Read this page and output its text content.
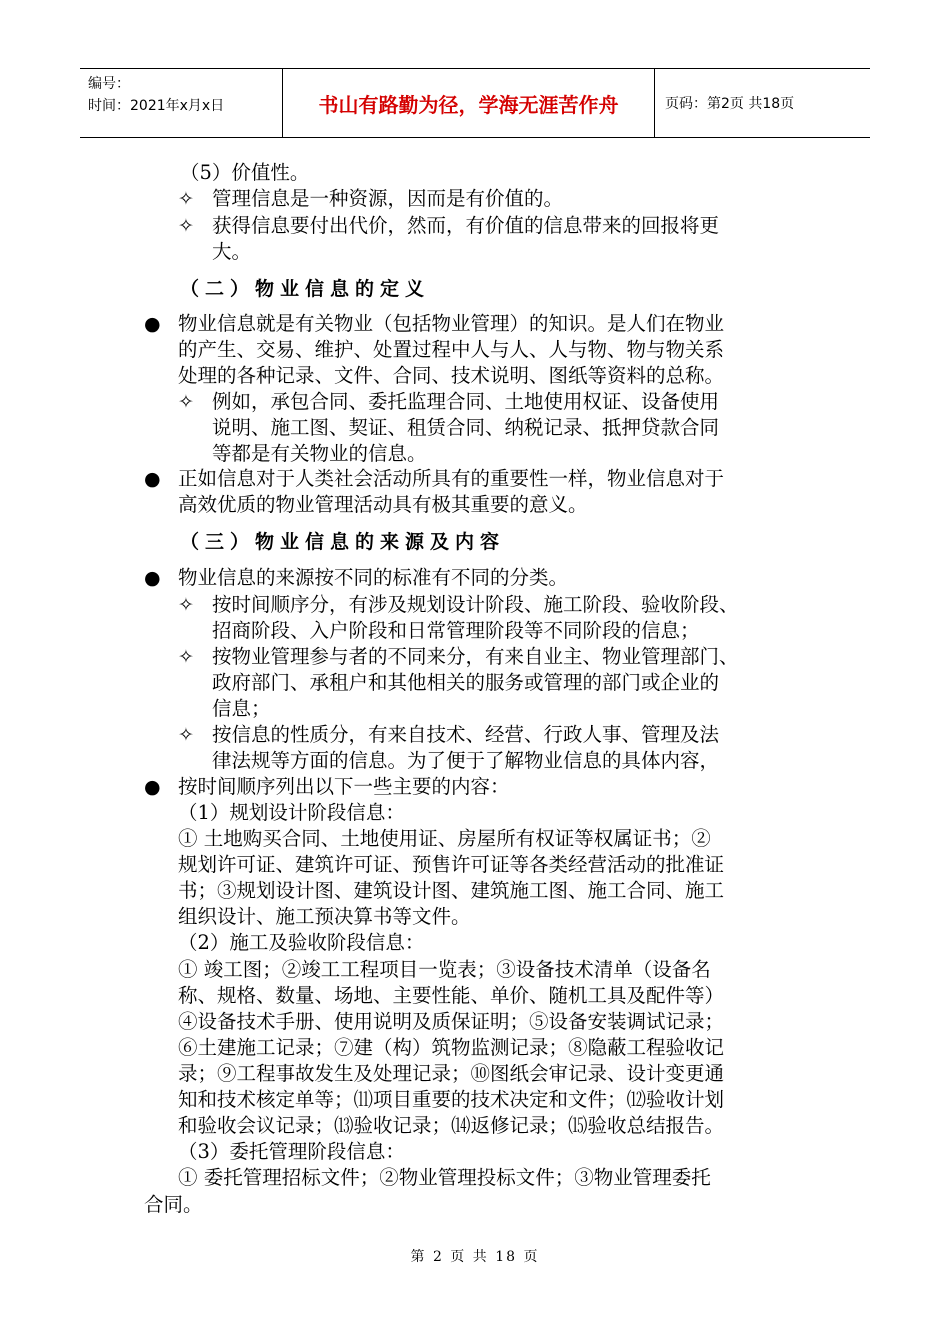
编号：
时间：2021年x月x日	书山有路勤为径，学海无涯苦作舟	页码：第2页 共18页
（5）价值性。
✧ 管理信息是一种资源，因而是有价值的。
✧ 获得信息要付出代价，然而，有价值的信息带来的回报将更
大。
（二）物业信息的定义
● 物业信息就是有关物业（包括物业管理）的知识。是人们在物业
的产生、交易、维护、处置过程中人与人、人与物、物与物关系
处理的各种记录、文件、合同、技术说明、图纸等资料的总称。
✧ 例如，承包合同、委托监理合同、土地使用权证、设备使用
说明、施工图、契证、租赁合同、纳税记录、抵押贷款合同
等都是有关物业的信息。
● 正如信息对于人类社会活动所具有的重要性一样，物业信息对于
高效优质的物业管理活动具有极其重要的意义。
（三）物业信息的来源及内容
● 物业信息的来源按不同的标准有不同的分类。
✧ 按时间顺序分，有涉及规划设计阶段、施工阶段、验收阶段、
招商阶段、入户阶段和日常管理阶段等不同阶段的信息；
✧ 按物业管理参与者的不同来分，有来自业主、物业管理部门、
政府部门、承租户和其他相关的服务或管理的部门或企业的
信息；
✧ 按信息的性质分，有来自技术、经营、行政人事、管理及法
律法规等方面的信息。为了便于了解物业信息的具体内容，
● 按时间顺序列出以下一些主要的内容：
（1）规划设计阶段信息：
① 土地购买合同、土地使用证、房屋所有权证等权属证书；②
规划许可证、建筑许可证、预售许可证等各类经营活动的批准证
书；③规划设计图、建筑设计图、建筑施工图、施工合同、施工
组织设计、施工预决算书等文件。
（2）施工及验收阶段信息：
① 竣工图；②竣工工程项目一览表；③设备技术清单（设备名
称、规格、数量、场地、主要性能、单价、随机工具及配件等）
④设备技术手册、使用说明及质保证明；⑤设备安装调试记录；
⑥土建施工记录；⑦建（构）筑物监测记录；⑧隐蔽工程验收记
录；⑨工程事故发生及处理记录；⑩图纸会审记录、设计变更通
知和技术核定单等；⑾项目重要的技术决定和文件；⑿验收计划
和验收会议记录；⒀验收记录；⒁返修记录；⒂验收总结报告。
（3）委托管理阶段信息：
① 委托管理招标文件；②物业管理投标文件；③物业管理委托
合同。
第 2 页 共 18 页
